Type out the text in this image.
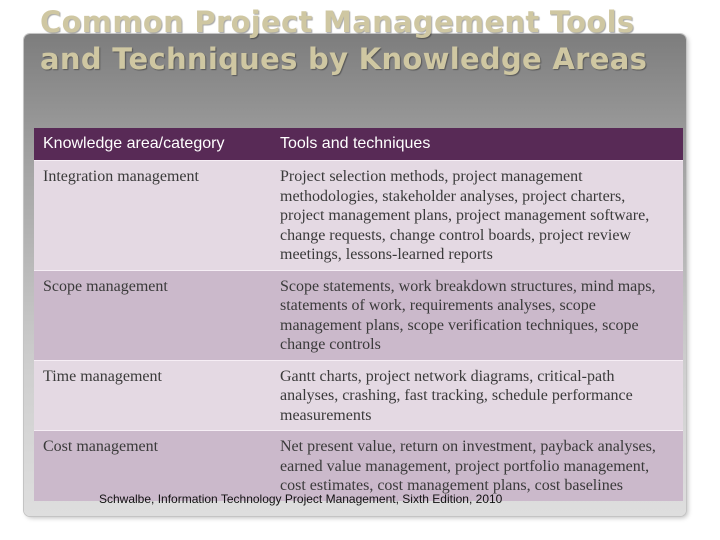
Common Project Management Tools and Techniques by Knowledge Areas
Knowledge area/category	Tools and techniques
Integration management	Project selection methods, project management methodologies, stakeholder analyses, project charters, project management plans, project management software, change requests, change control boards, project review meetings, lessons-learned reports
Scope management	Scope statements, work breakdown structures, mind maps, statements of work, requirements analyses, scope management plans, scope verification techniques, scope change controls
Time management	Gantt charts, project network diagrams, critical-path analyses, crashing, fast tracking, schedule performance measurements
Cost management	Net present value, return on investment, payback analyses, earned value management, project portfolio management, cost estimates, cost management plans, cost baselines
Schwalbe, Information Technology Project Management, Sixth Edition, 2010
